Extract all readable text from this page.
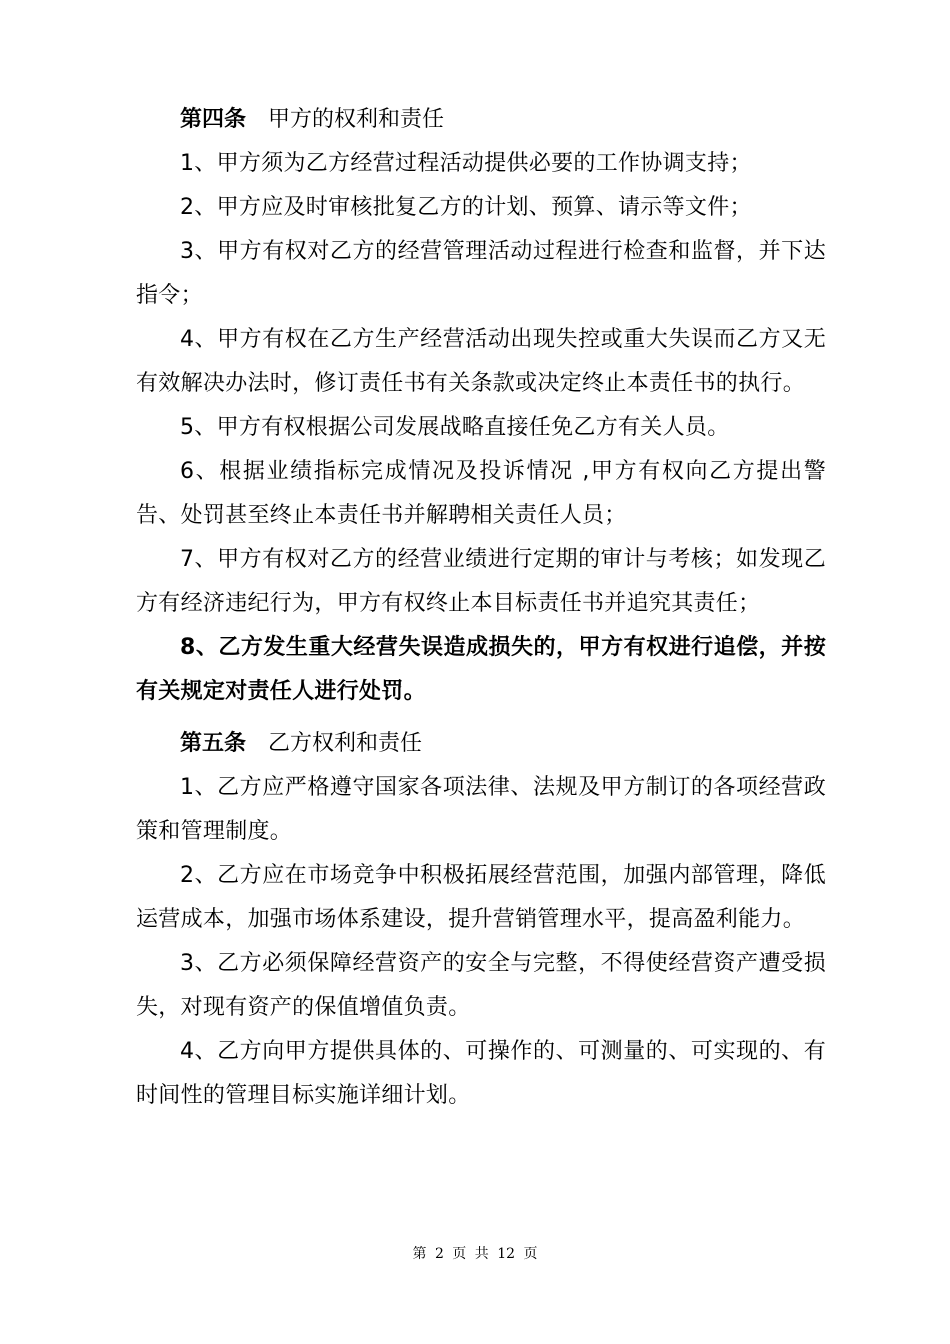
第四条 甲方的权利和责任

1、甲方须为乙方经营过程活动提供必要的工作协调支持；

2、甲方应及时审核批复乙方的计划、预算、请示等文件；

3、甲方有权对乙方的经营管理活动过程进行检查和监督，并下达指令；

4、甲方有权在乙方生产经营活动出现失控或重大失误而乙方又无有效解决办法时，修订责任书有关条款或决定终止本责任书的执行。

5、甲方有权根据公司发展战略直接任免乙方有关人员。

6、根据业绩指标完成情况及投诉情况 ,甲方有权向乙方提出警告、处罚甚至终止本责任书并解聘相关责任人员；

7、甲方有权对乙方的经营业绩进行定期的审计与考核；如发现乙方有经济违纪行为，甲方有权终止本目标责任书并追究其责任；

8、乙方发生重大经营失误造成损失的，甲方有权进行追偿，并按有关规定对责任人进行处罚。

第五条 乙方权利和责任

1、乙方应严格遵守国家各项法律、法规及甲方制订的各项经营政策和管理制度。

2、乙方应在市场竞争中积极拓展经营范围，加强内部管理，降低运营成本，加强市场体系建设，提升营销管理水平，提高盈利能力。

3、乙方必须保障经营资产的安全与完整，不得使经营资产遭受损失，对现有资产的保值增值负责。

4、乙方向甲方提供具体的、可操作的、可测量的、可实现的、有时间性的管理目标实施详细计划。

第 2 页 共 12 页
